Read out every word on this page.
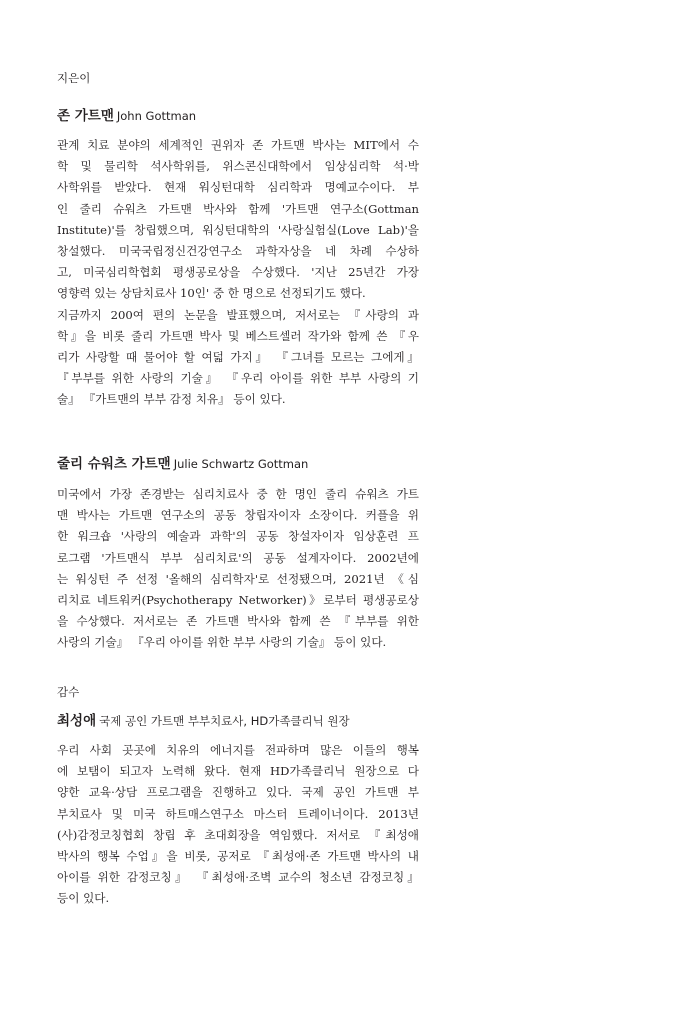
지은이
존 가트맨 John Gottman
관계 치료 분야의 세계적인 권위자 존 가트맨 박사는 MIT에서 수
학 및 물리학 석사학위를, 위스콘신대학에서 임상심리학 석·박
사학위를 받았다. 현재 워싱턴대학 심리학과 명예교수이다. 부
인 줄리 슈워츠 가트맨 박사와 함께 '가트맨 연구소(Gottman
Institute)'를 창립했으며, 워싱턴대학의 '사랑실험실(Love Lab)'을
창설했다. 미국국립정신건강연구소 과학자상을 네 차례 수상하
고, 미국심리학협회 평생공로상을 수상했다. '지난 25년간 가장
영향력 있는 상담치료사 10인' 중 한 명으로 선정되기도 했다.
지금까지 200여 편의 논문을 발표했으며, 저서로는 『사랑의 과
학』을 비롯 줄리 가트맨 박사 및 베스트셀러 작가와 함께 쓴 『우
리가 사랑할 때 물어야 할 여덟 가지』 『그녀를 모르는 그에게』
『부부를 위한 사랑의 기술』 『우리 아이를 위한 부부 사랑의 기
술』 『가트맨의 부부 감정 치유』 등이 있다.
줄리 슈워츠 가트맨 Julie Schwartz Gottman
미국에서 가장 존경받는 심리치료사 중 한 명인 줄리 슈워츠 가트
맨 박사는 가트맨 연구소의 공동 창립자이자 소장이다. 커플을 위
한 워크숍 '사랑의 예술과 과학'의 공동 창설자이자 임상훈련 프
로그램 '가트맨식 부부 심리치료'의 공동 설계자이다. 2002년에
는 워싱턴 주 선정 '올해의 심리학자'로 선정됐으며, 2021년 《심
리치료 네트워커(Psychotherapy Networker)》로부터 평생공로상
을 수상했다. 저서로는 존 가트맨 박사와 함께 쓴 『부부를 위한
사랑의 기술』 『우리 아이를 위한 부부 사랑의 기술』 등이 있다.
감수
최성애 국제 공인 가트맨 부부치료사, HD가족클리닉 원장
우리 사회 곳곳에 치유의 에너지를 전파하며 많은 이들의 행복
에 보탬이 되고자 노력해 왔다. 현재 HD가족클리닉 원장으로 다
양한 교육·상담 프로그램을 진행하고 있다. 국제 공인 가트맨 부
부치료사 및 미국 하트매스연구소 마스터 트레이너이다. 2013년
(사)감정코칭협회 창립 후 초대회장을 역임했다. 저서로 『최성애
박사의 행복 수업』을 비롯, 공저로 『최성애·존 가트맨 박사의 내
아이를 위한 감정코칭』 『최성애·조벽 교수의 청소년 감정코칭』
등이 있다.
